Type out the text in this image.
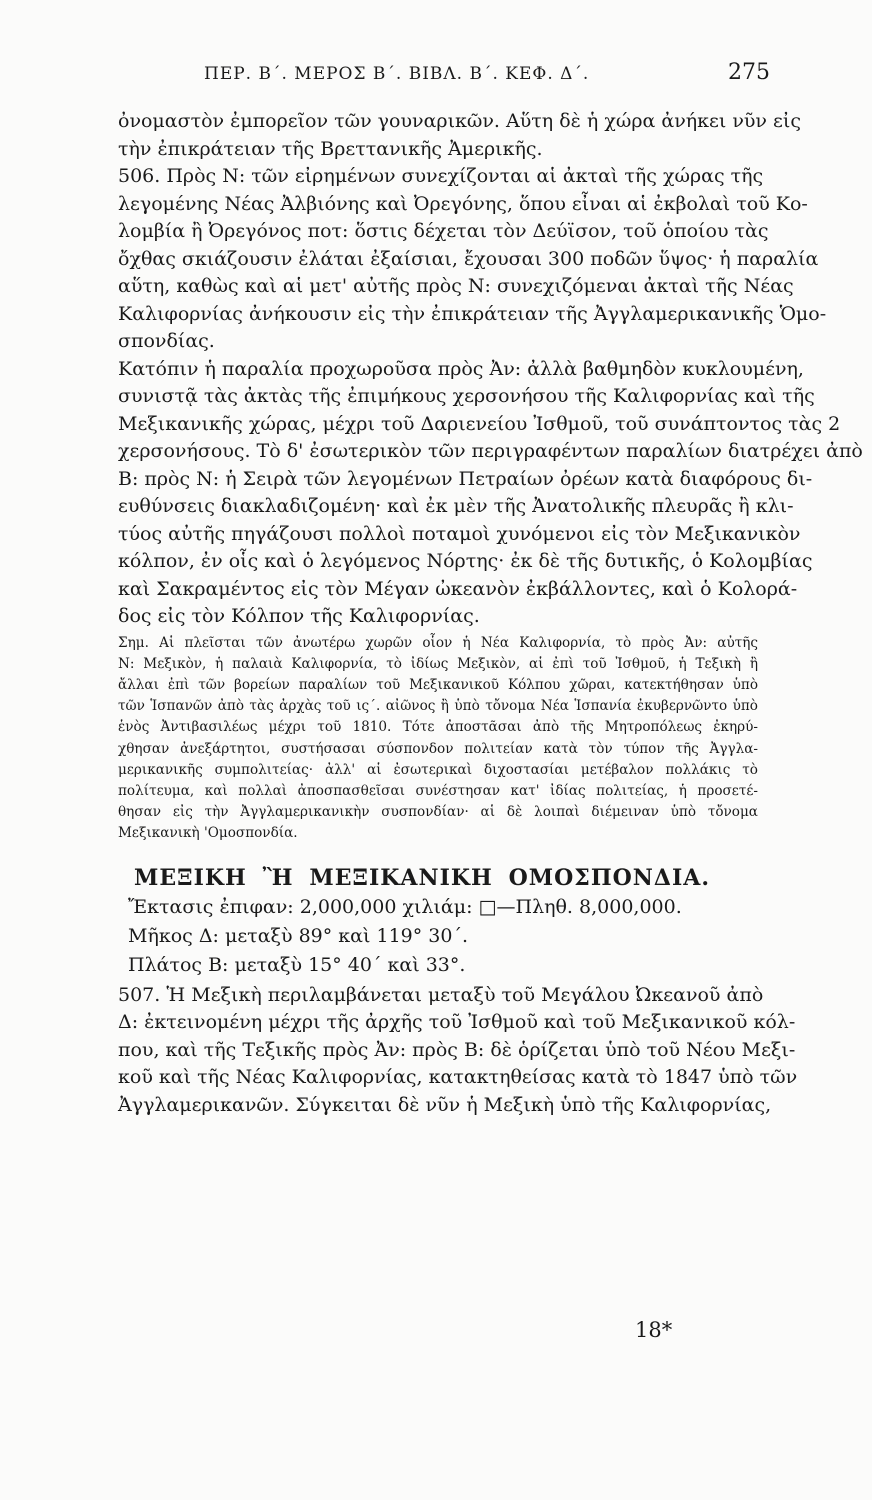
ΠΕΡ. Β΄. ΜΕΡΟΣ Β΄. ΒΙΒΛ. Β΄. ΚΕΦ. Δ΄.	275
ὀνομαστὸν ἐμπορεῖον τῶν γουναρικῶν. Αὕτη δὲ ἡ χώρα ἀνήκει νῦν εἰς
τὴν ἐπικράτειαν τῆς Βρεττανικῆς Ἀμερικῆς.
506. Πρὸς Ν: τῶν εἰρημένων συνεχίζονται αἱ ἀκταὶ τῆς χώρας τῆς
λεγομένης Νέας Ἀλβιόνης καὶ Ὀρεγόνης, ὅπου εἶναι αἱ ἐκβολαὶ τοῦ Κο-
λομβία ἢ Ὀρεγόνος ποτ: ὅστις δέχεται τὸν Δεύϊσον, τοῦ ὁποίου τὰς
ὄχθας σκιάζουσιν ἐλάται ἐξαίσιαι, ἔχουσαι 300 ποδῶν ὕψος· ἡ παραλία
αὕτη, καθὼς καὶ αἱ μετ' αὐτῆς πρὸς Ν: συνεχιζόμεναι ἀκταὶ τῆς Νέας
Καλιφορνίας ἀνήκουσιν εἰς τὴν ἐπικράτειαν τῆς Ἀγγλαμερικανικῆς Ὁμο-
σπονδίας.
Κατόπιν ἡ παραλία προχωροῦσα πρὸς Ἀν: ἀλλὰ βαθμηδὸν κυκλουμένη,
συνιστᾷ τὰς ἀκτὰς τῆς ἐπιμήκους χερσονήσου τῆς Καλιφορνίας καὶ τῆς
Μεξικανικῆς χώρας, μέχρι τοῦ Δαριενείου Ἰσθμοῦ, τοῦ συνάπτοντος τὰς 2
χερσονήσους. Τὸ δ' ἐσωτερικὸν τῶν περιγραφέντων παραλίων διατρέχει ἀπὸ
Β: πρὸς Ν: ἡ Σειρὰ τῶν λεγομένων Πετραίων ὀρέων κατὰ διαφόρους δι-
ευθύνσεις διακλαδιζομένη· καὶ ἐκ μὲν τῆς Ἀνατολικῆς πλευρᾶς ἢ κλι-
τύος αὐτῆς πηγάζουσι πολλοὶ ποταμοὶ χυνόμενοι εἰς τὸν Μεξικανικὸν
κόλπον, ἐν οἷς καὶ ὁ λεγόμενος Νόρτης· ἐκ δὲ τῆς δυτικῆς, ὁ Κολομβίας
καὶ Σακραμέντος εἰς τὸν Μέγαν ὠκεανὸν ἐκβάλλοντες, καὶ ὁ Κολορά-
δος εἰς τὸν Κόλπον τῆς Καλιφορνίας.
Σημ. Αἱ πλεῖσται τῶν ἀνωτέρω χωρῶν οἷον ἡ Νέα Καλιφορνία, τὸ πρὸς Ἀν: αὐτῆς
Ν: Μεξικὸν, ἡ παλαιὰ Καλιφορνία, τὸ ἰδίως Μεξικὸν, αἱ ἐπὶ τοῦ Ἰσθμοῦ, ἡ Τεξικὴ ἢ
ἄλλαι ἐπὶ τῶν βορείων παραλίων τοῦ Μεξικανικοῦ Κόλπου χῶραι, κατεκτήθησαν ὑπὸ
τῶν Ἱσπανῶν ἀπὸ τὰς ἀρχὰς τοῦ ις΄. αἰῶνος ἢ ὑπὸ τὄνομα Νέα Ἱσπανία ἐκυβερνῶντο ὑπὸ
ἑνὸς Ἀντιβασιλέως μέχρι τοῦ 1810. Τότε ἀποστᾶσαι ἀπὸ τῆς Μητροπόλεως ἐκηρύ-
χθησαν ἀνεξάρτητοι, συστήσασαι σύσπονδον πολιτείαν κατὰ τὸν τύπον τῆς Ἀγγλα-
μερικανικῆς συμπολιτείας· ἀλλ' αἱ ἐσωτερικαὶ διχοστασίαι μετέβαλον πολλάκις τὸ
πολίτευμα, καὶ πολλαὶ ἀποσπασθεῖσαι συνέστησαν κατ' ἰδίας πολιτείας, ἡ προσετέ-
θησαν εἰς τὴν Ἀγγλαμερικανικὴν συσπονδίαν· αἱ δὲ λοιπαὶ διέμειναν ὑπὸ τὄνομα
Μεξικανικὴ 'Ομοσπονδία.
ΜΕΞΙΚΗ Ἢ ΜΕΞΙΚΑΝΙΚΗ ΟΜΟΣΠΟΝΔΙΑ.
Ἔκτασις ἐπιφαν: 2,000,000 χιλιάμ: □—Πληθ. 8,000,000.
Μῆκος Δ: μεταξὺ 89° καὶ 119° 30΄.
Πλάτος Β: μεταξὺ 15° 40΄ καὶ 33°.
507. Ἡ Μεξικὴ περιλαμβάνεται μεταξὺ τοῦ Μεγάλου Ὠκεανοῦ ἀπὸ
Δ: ἐκτεινομένη μέχρι τῆς ἀρχῆς τοῦ Ἰσθμοῦ καὶ τοῦ Μεξικανικοῦ κόλ-
που, καὶ τῆς Τεξικῆς πρὸς Ἀν: πρὸς Β: δὲ ὁρίζεται ὑπὸ τοῦ Νέου Μεξι-
κοῦ καὶ τῆς Νέας Καλιφορνίας, κατακτηθείσας κατὰ τὸ 1847 ὑπὸ τῶν
Ἀγγλαμερικανῶν. Σύγκειται δὲ νῦν ἡ Μεξικὴ ὑπὸ τῆς Καλιφορνίας,
18*
